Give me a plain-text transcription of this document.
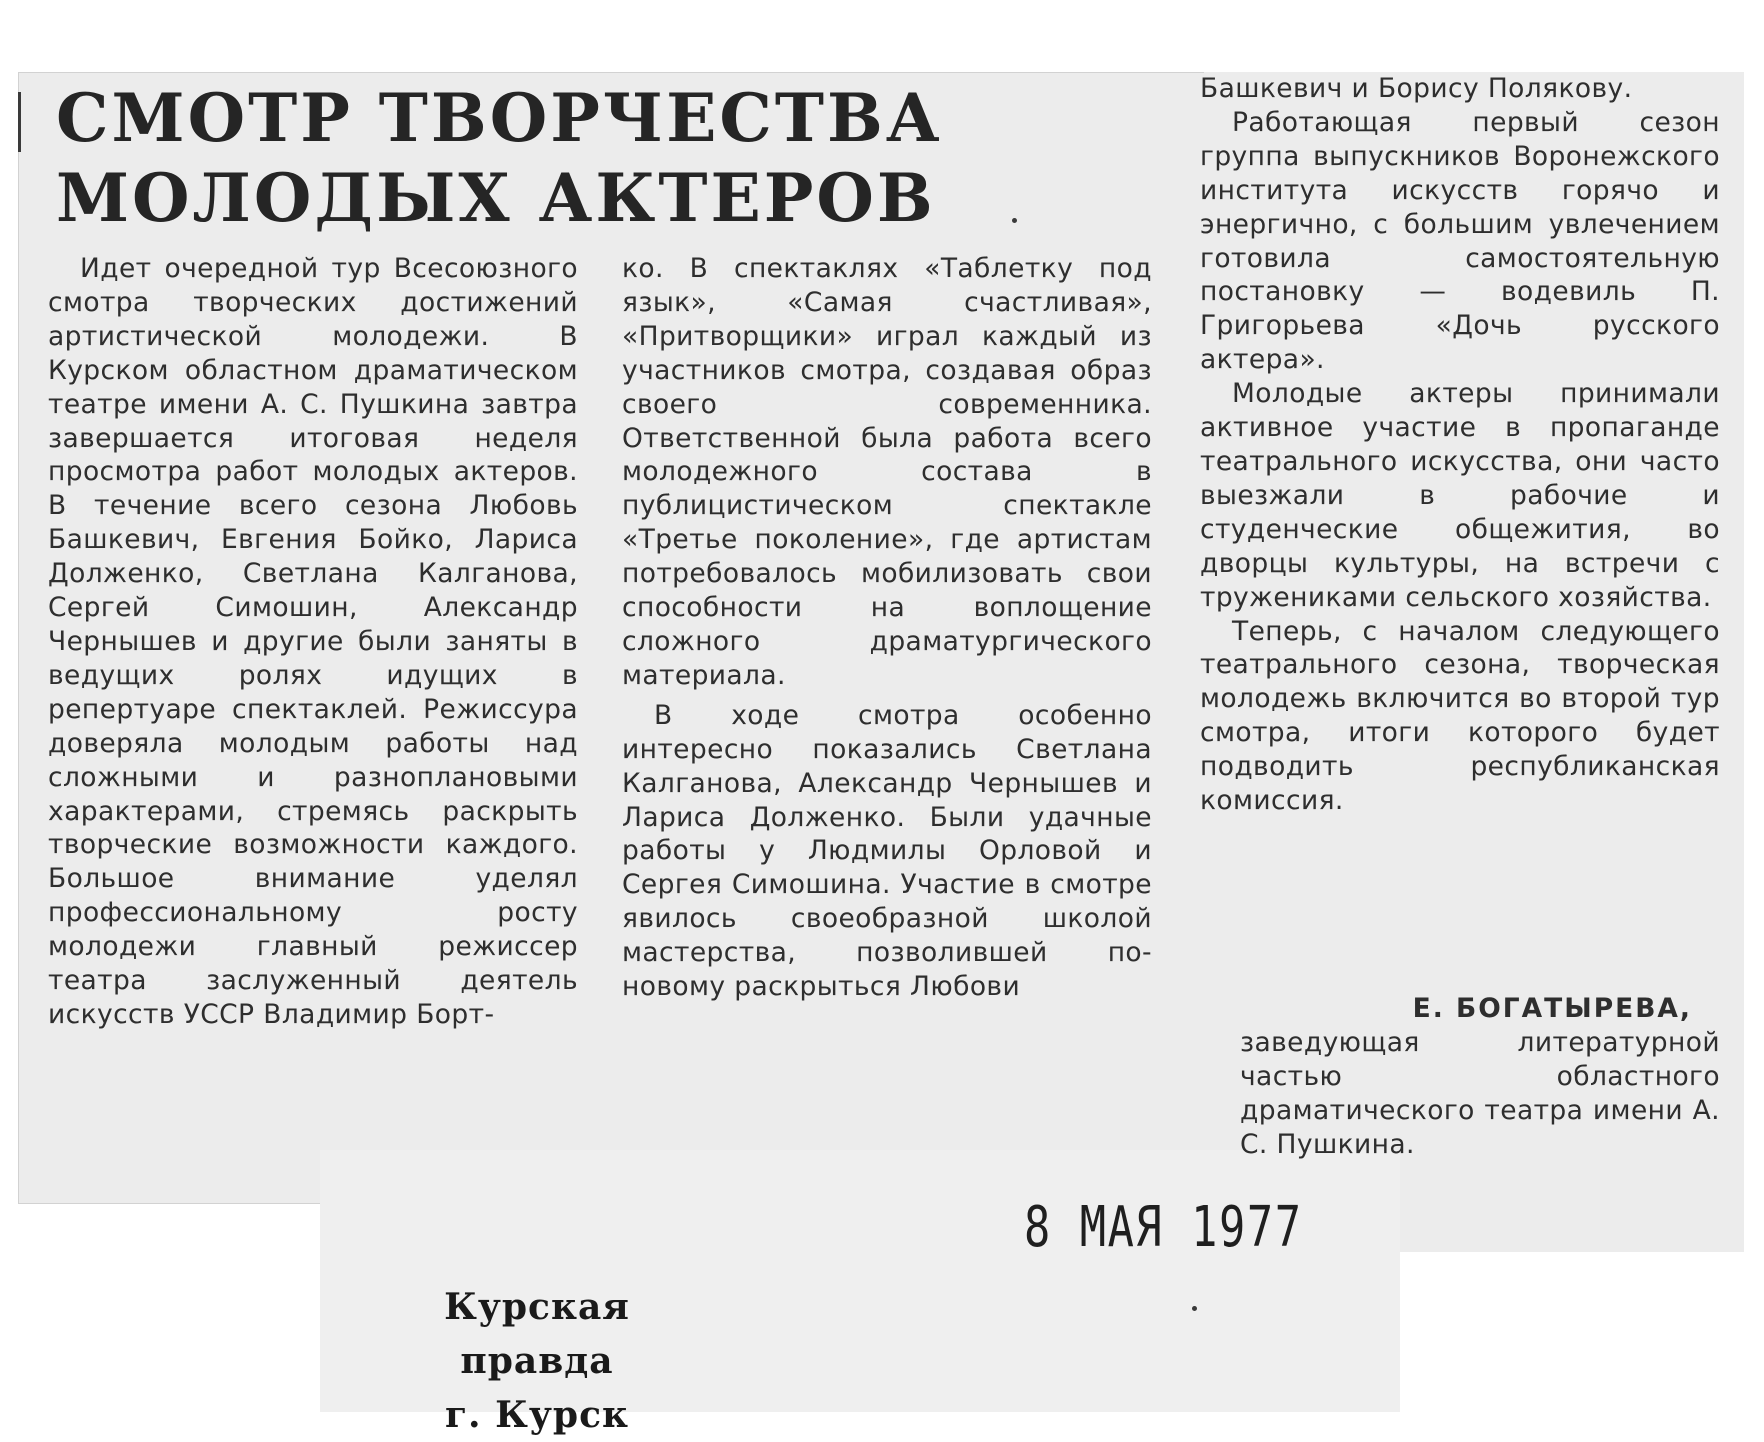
СМОТР ТВОРЧЕСТВА
МОЛОДЫХ АКТЕРОВ

Идет очередной тур Всесоюзного смотра творческих достижений артистической молодежи. В Курском областном драматическом театре имени А. С. Пушкина завтра завершается итоговая неделя просмотра работ молодых актеров. В течение всего сезона Любовь Башкевич, Евгения Бойко, Лариса Долженко, Светлана Калганова, Сергей Симошин, Александр Чернышев и другие были заняты в ведущих ролях идущих в репертуаре спектаклей. Режиссура доверяла молодым работы над сложными и разноплановыми характерами, стремясь раскрыть творческие возможности каждого. Большое внимание уделял профессиональному росту молодежи главный режиссер театра заслуженный деятель искусств УССР Владимир Борт-

ко. В спектаклях «Таблетку под язык», «Самая счастливая», «Притворщики» играл каждый из участников смотра, создавая образ своего современника. Ответственной была работа всего молодежного состава в публицистическом спектакле «Третье поколение», где артистам потребовалось мобилизовать свои способности на воплощение сложного драматургического материала.

В ходе смотра особенно интересно показались Светлана Калганова, Александр Чернышев и Лариса Долженко. Были удачные работы у Людмилы Орловой и Сергея Симошина. Участие в смотре явилось своеобразной школой мастерства, позволившей по-новому раскрыться Любови

Башкевич и Борису Полякову.

Работающая первый сезон группа выпускников Воронежского института искусств горячо и энергично, с большим увлечением готовила самостоятельную постановку — водевиль П. Григорьева «Дочь русского актера».

Молодые актеры принимали активное участие в пропаганде театрального искусства, они часто выезжали в рабочие и студенческие общежития, во дворцы культуры, на встречи с тружениками сельского хозяйства.

Теперь, с началом следующего театрального сезона, творческая молодежь включится во второй тур смотра, итоги которого будет подводить республиканская комиссия.

Е. БОГАТЫРЕВА,
заведующая литературной частью областного драматического театра имени А. С. Пушкина.
8 МАЯ 1977
Курская правда
г. Курск
